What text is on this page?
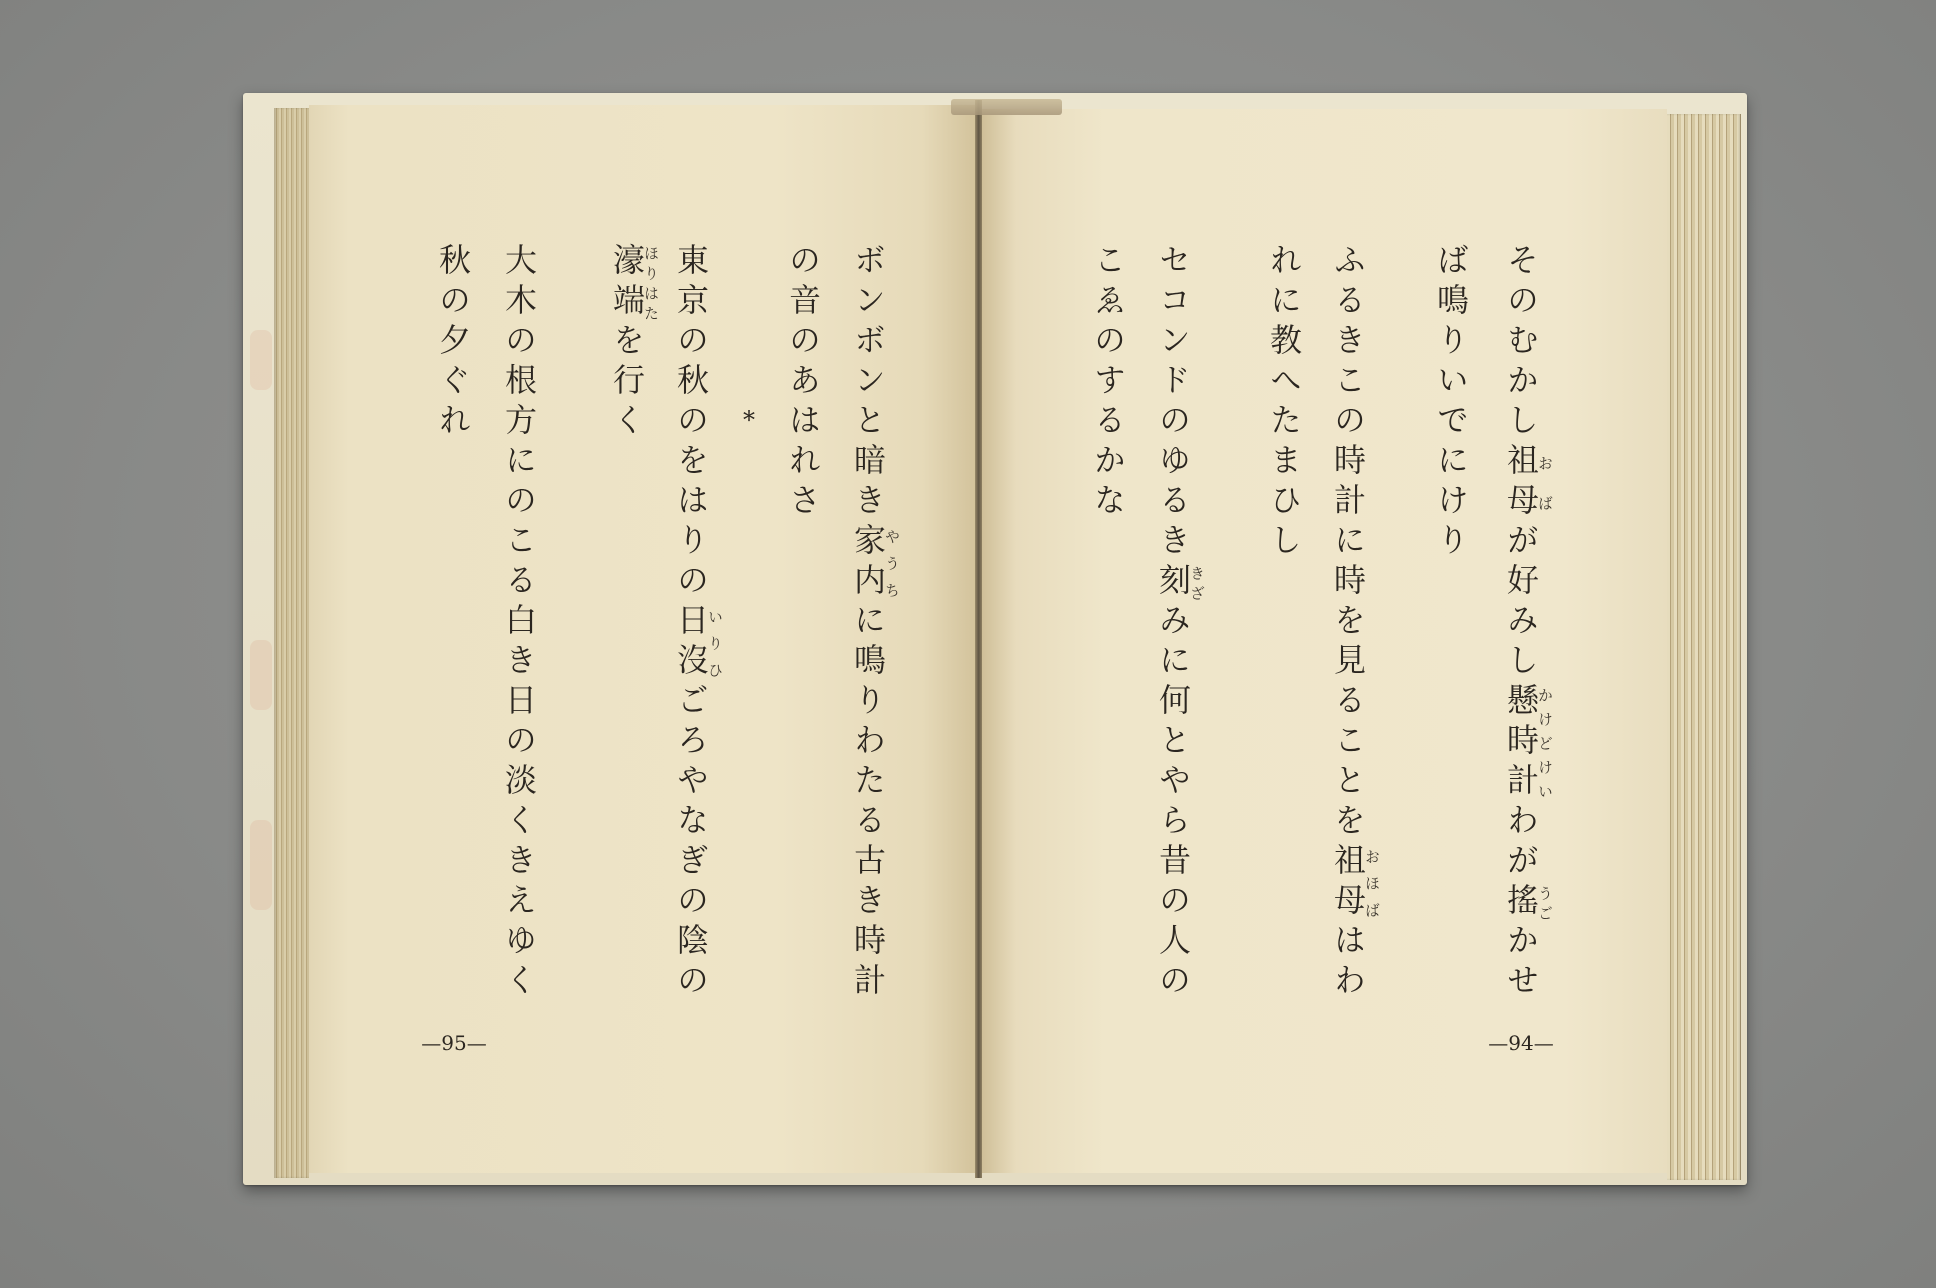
そのむかし祖母おばが好みし懸時計かけどけいわが搖うごかせ
ば鳴りいでにけり
ふるきこの時計に時を見ることを祖母おほばはわ
れに教へたまひし
セコンドのゆるき刻きざみに何とやら昔の人の
こゑのするかな
—94—
ボンボンと暗き家内やうちに鳴りわたる古き時計
の音のあはれさ
*
東京の秋のをはりの日沒いりひごろやなぎの陰の
濠端ほりはたを行く
大木の根方にのこる白き日の淡くきえゆく
秋の夕ぐれ
—95—
